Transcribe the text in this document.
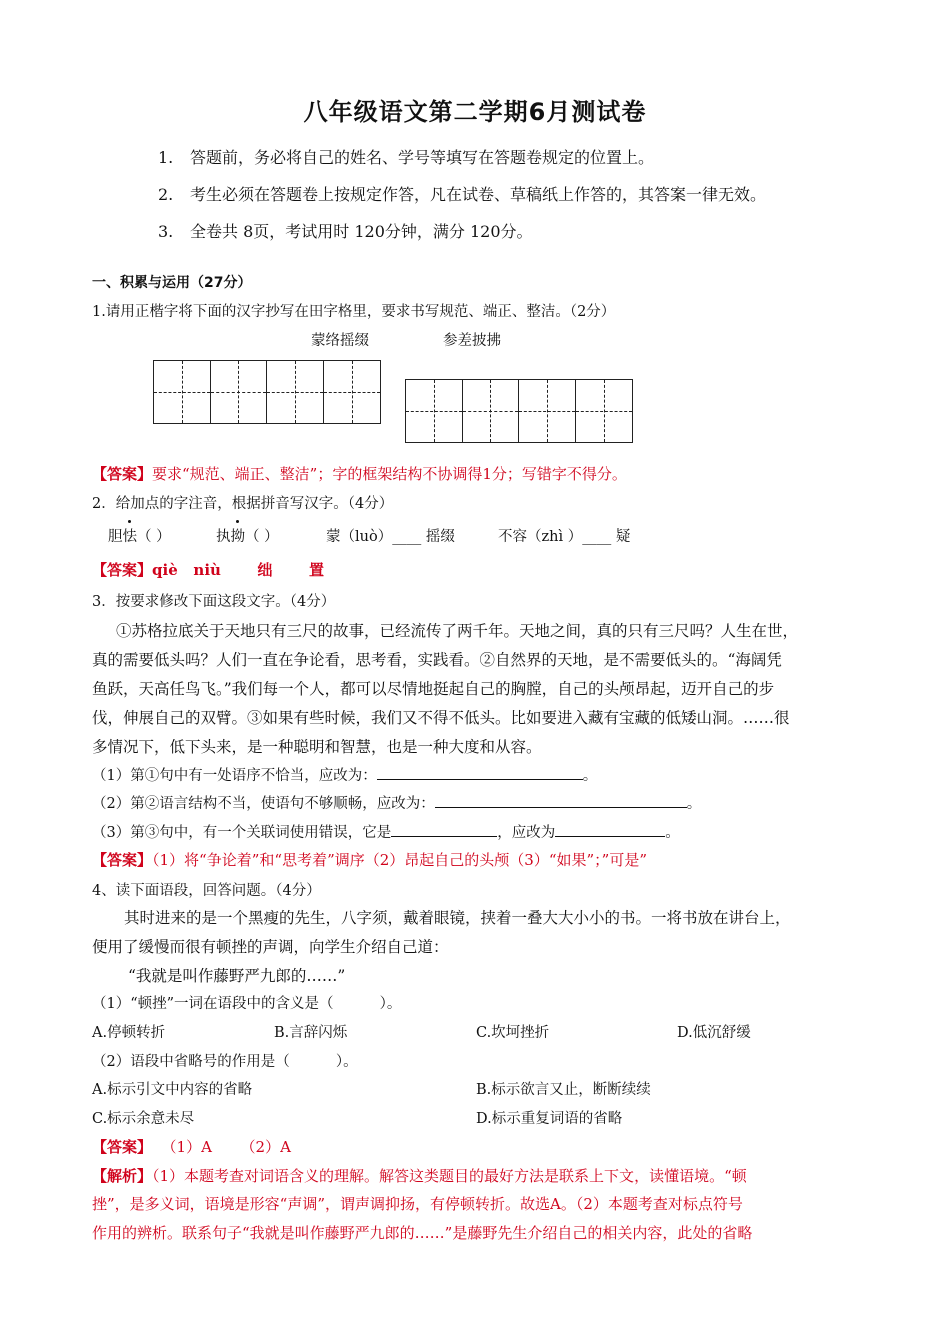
八年级语文第二学期6月测试卷
1. 答题前，务必将自己的姓名、学号等填写在答题卷规定的位置上。
2. 考生必须在答题卷上按规定作答，凡在试卷、草稿纸上作答的，其答案一律无效。
3. 全卷共 8页，考试用时 120分钟，满分 120分。
一、积累与运用（27分）
1.请用正楷字将下面的汉字抄写在田字格里，要求书写规范、端正、整洁。（2分）
蒙络摇缀	参差披拂
【答案】要求“规范、端正、整洁”；字的框架结构不协调得1分；写错字不得分。
2．给加点的字注音，根据拼音写汉字。（4分）
胆怯（ ）	执拗（ ）	蒙（luò）____ 摇缀	不容（zhì ）____ 疑
【答案】qiè   niù       绌       置
3．按要求修改下面这段文字。（4分）
①苏格拉底关于天地只有三尺的故事，已经流传了两千年。天地之间，真的只有三尺吗？人生在世，
真的需要低头吗？人们一直在争论看，思考看，实践看。②自然界的天地，是不需要低头的。“海阔凭
鱼跃，天高任鸟飞。”我们每一个人，都可以尽情地挺起自己的胸膛，自己的头颅昂起，迈开自己的步
伐，伸展自己的双臂。③如果有些时候，我们又不得不低头。比如要进入藏有宝藏的低矮山洞。……很
多情况下，低下头来，是一种聪明和智慧，也是一种大度和从容。
（1）第①句中有一处语序不恰当，应改为：	。
（2）第②语言结构不当，使语句不够顺畅，应改为：	。
（3）第③句中，有一个关联词使用错误，它是	，应改为	。
【答案】（1）将“争论着”和“思考着”调序（2）昂起自己的头颅（3）“如果”；”可是”
4、读下面语段，回答问题。（4分）
其时进来的是一个黑瘦的先生，八字须，戴着眼镜，挟着一叠大大小小的书。一将书放在讲台上，
便用了缓慢而很有顿挫的声调，向学生介绍自己道：
“我就是叫作藤野严九郎的……”
（1）“顿挫”一词在语段中的含义是（          ）。
A.停顿转折	B.言辞闪烁	C.坎坷挫折	D.低沉舒缓
（2）语段中省略号的作用是（          ）。
A.标示引文中内容的省略	B.标示欲言又止，断断续续
C.标示余意未尽	D.标示重复词语的省略
【答案】  （1）A      （2）A
【解析】（1）本题考查对词语含义的理解。解答这类题目的最好方法是联系上下文，读懂语境。“顿
挫”，是多义词，语境是形容“声调”，谓声调抑扬，有停顿转折。故选A。（2）本题考查对标点符号
作用的辨析。联系句子“我就是叫作藤野严九郎的……”是藤野先生介绍自己的相关内容，此处的省略
